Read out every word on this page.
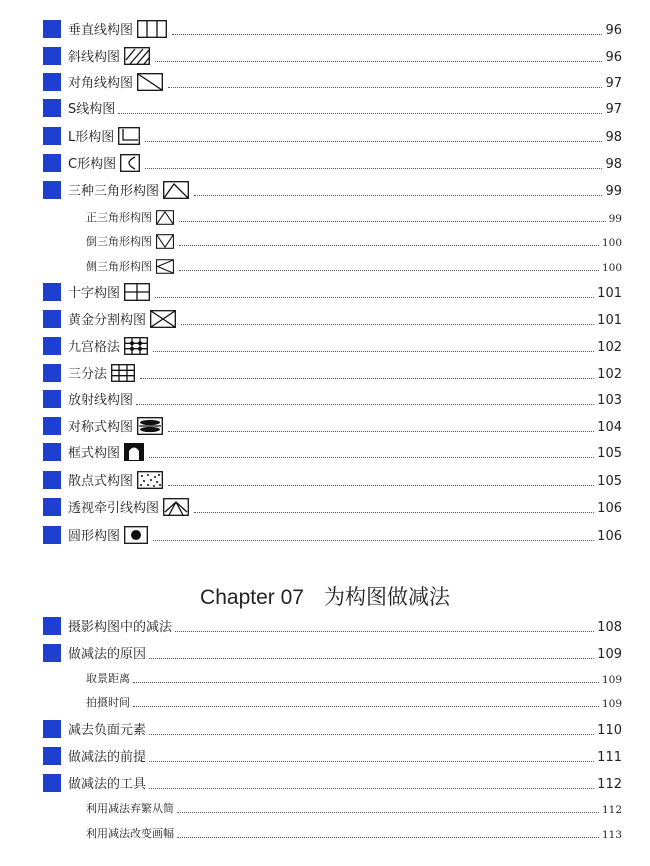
垂直线构图	96
斜线构图	96
对角线构图	97
S线构图	97
L形构图	98
C形构图	98
三种三角形构图	99
正三角形构图	99
倒三角形构图	100
侧三角形构图	100
十字构图	101
黄金分割构图	101
九宫格法	102
三分法	102
放射线构图	103
对称式构图	104
框式构图	105
散点式构图	105
透视牵引线构图	106
圆形构图	106
Chapter 07 为构图做减法
摄影构图中的减法	108
做减法的原因	109
取景距离	109
拍摄时间	109
减去负面元素	110
做减法的前提	111
做减法的工具	112
利用减法弃繁从简	112
利用减法改变画幅	113
